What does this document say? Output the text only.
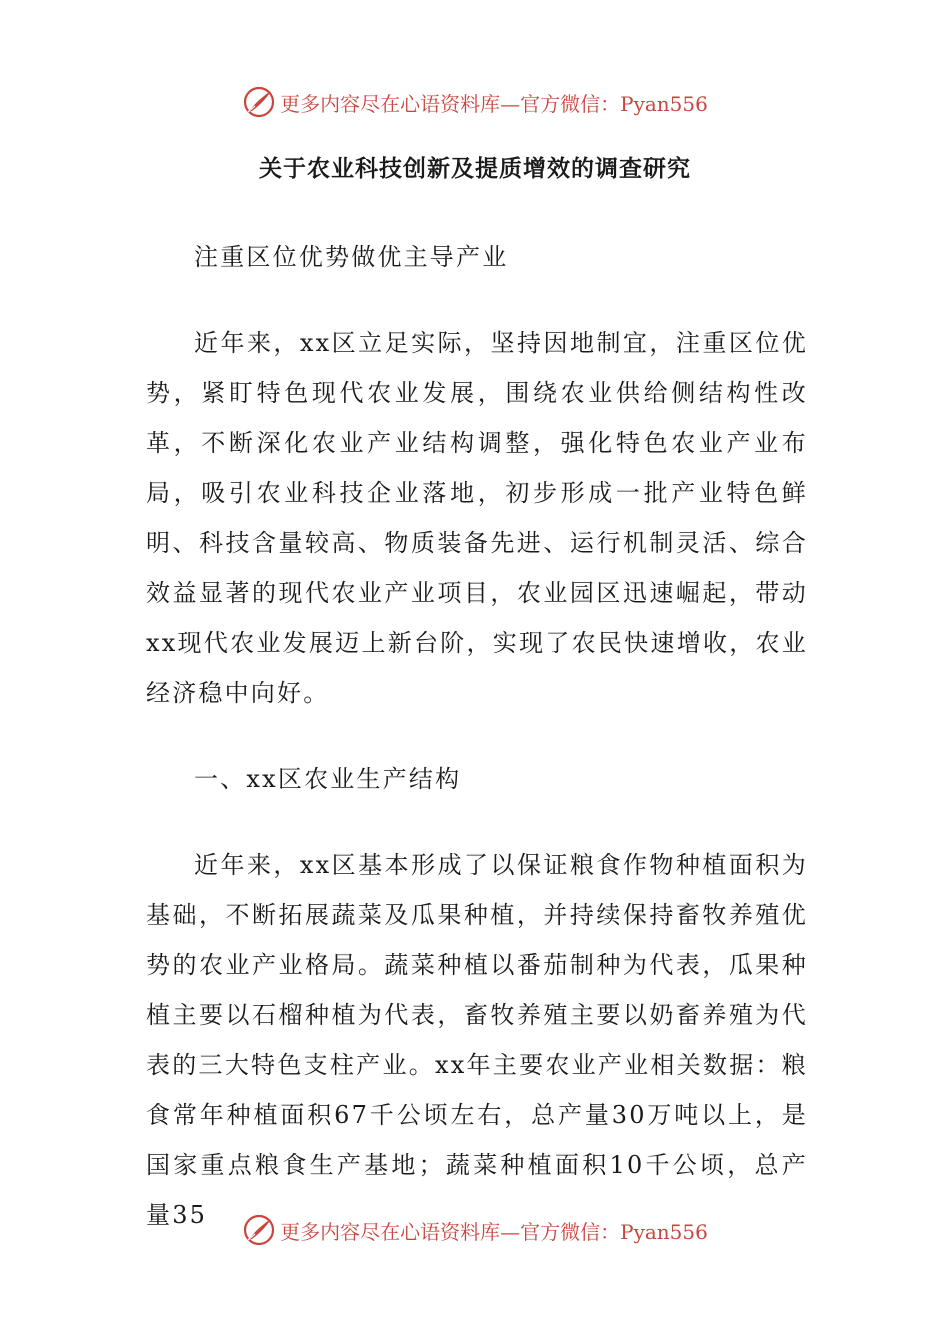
更多内容尽在心语资料库—官方微信：Pyan556
关于农业科技创新及提质增效的调查研究

注重区位优势做优主导产业

近年来，xx区立足实际，坚持因地制宜，注重区位优势，紧盯特色现代农业发展，围绕农业供给侧结构性改革，不断深化农业产业结构调整，强化特色农业产业布局，吸引农业科技企业落地，初步形成一批产业特色鲜明、科技含量较高、物质装备先进、运行机制灵活、综合效益显著的现代农业产业项目，农业园区迅速崛起，带动xx现代农业发展迈上新台阶，实现了农民快速增收，农业经济稳中向好。

一、xx区农业生产结构

近年来，xx区基本形成了以保证粮食作物种植面积为基础，不断拓展蔬菜及瓜果种植，并持续保持畜牧养殖优势的农业产业格局。蔬菜种植以番茄制种为代表，瓜果种植主要以石榴种植为代表，畜牧养殖主要以奶畜养殖为代表的三大特色支柱产业。xx年主要农业产业相关数据：粮食常年种植面积67千公顷左右，总产量30万吨以上，是国家重点粮食生产基地；蔬菜种植面积10千公顷，总产量35

更多内容尽在心语资料库—官方微信：Pyan556
